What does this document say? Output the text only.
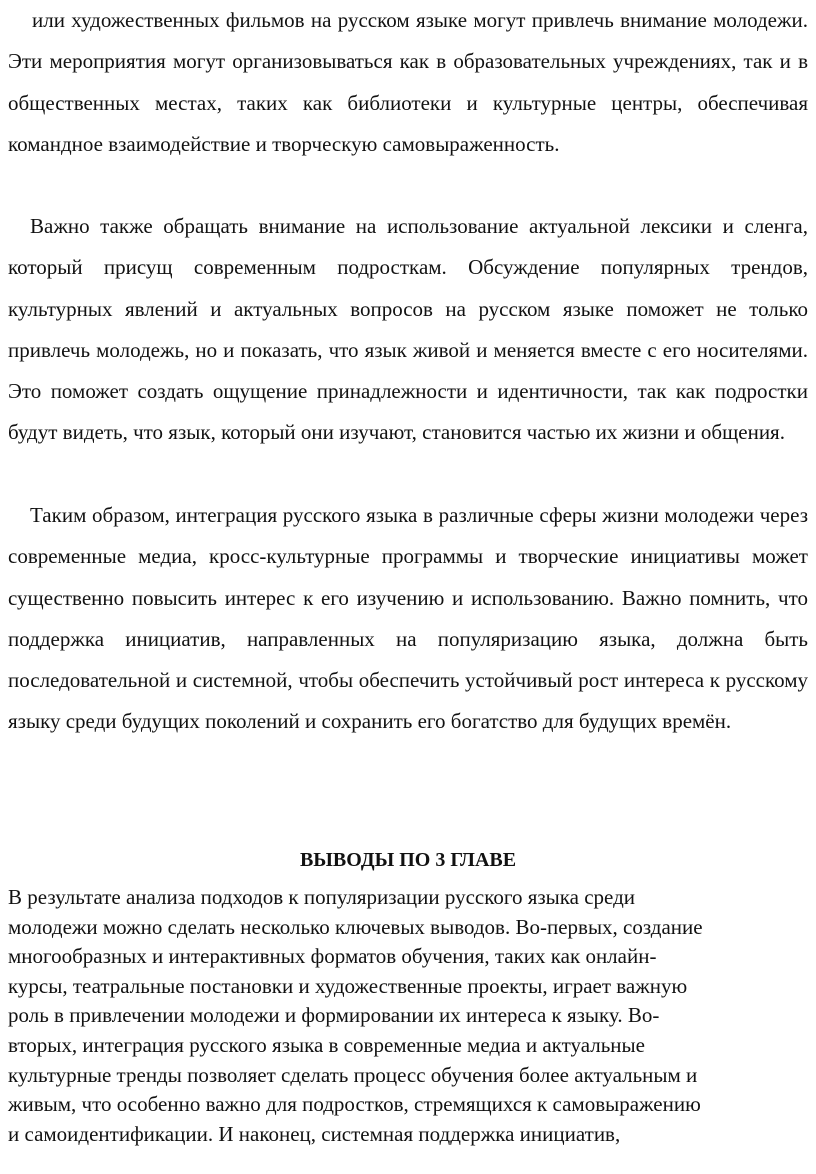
или художественных фильмов на русском языке могут привлечь внимание молодежи. Эти мероприятия могут организовываться как в образовательных учреждениях, так и в общественных местах, таких как библиотеки и культурные центры, обеспечивая командное взаимодействие и творческую самовыраженность.

Важно также обращать внимание на использование актуальной лексики и сленга, который присущ современным подросткам. Обсуждение популярных трендов, культурных явлений и актуальных вопросов на русском языке поможет не только привлечь молодежь, но и показать, что язык живой и меняется вместе с его носителями. Это поможет создать ощущение принадлежности и идентичности, так как подростки будут видеть, что язык, который они изучают, становится частью их жизни и общения.

Таким образом, интеграция русского языка в различные сферы жизни молодежи через современные медиа, кросс-культурные программы и творческие инициативы может существенно повысить интерес к его изучению и использованию. Важно помнить, что поддержка инициатив, направленных на популяризацию языка, должна быть последовательной и системной, чтобы обеспечить устойчивый рост интереса к русскому языку среди будущих поколений и сохранить его богатство для будущих времён.

ВЫВОДЫ ПО 3 ГЛАВЕ

В результате анализа подходов к популяризации русского языка среди
молодежи можно сделать несколько ключевых выводов. Во-первых, создание
многообразных и интерактивных форматов обучения, таких как онлайн-
курсы, театральные постановки и художественные проекты, играет важную
роль в привлечении молодежи и формировании их интереса к языку. Во-
вторых, интеграция русского языка в современные медиа и актуальные
культурные тренды позволяет сделать процесс обучения более актуальным и
живым, что особенно важно для подростков, стремящихся к самовыражению
и самоидентификации. И наконец, системная поддержка инициатив,
